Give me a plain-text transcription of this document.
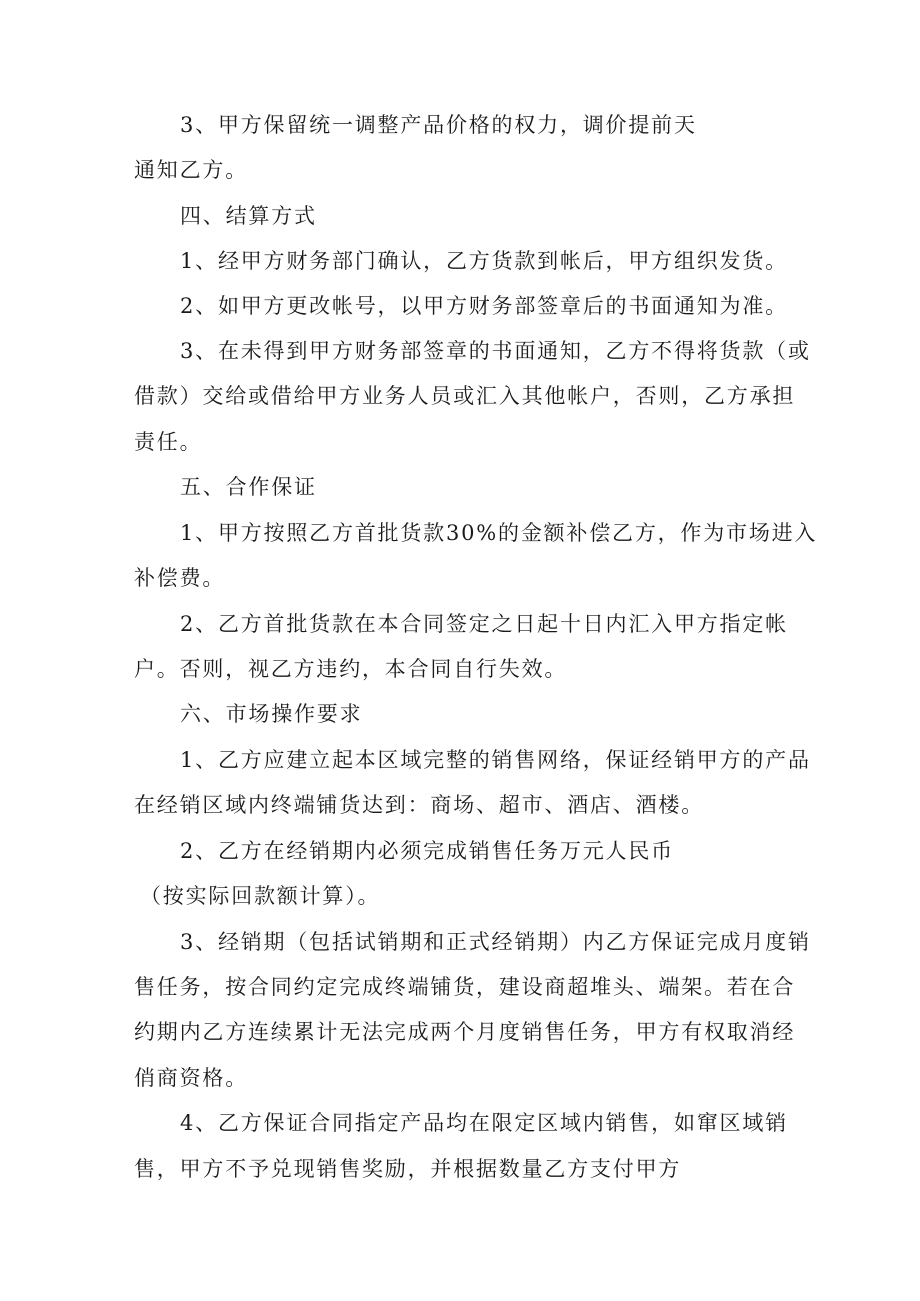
3、甲方保留统一调整产品价格的权力，调价提前天
通知乙方。
四、结算方式
1、经甲方财务部门确认，乙方货款到帐后，甲方组织发货。
2、如甲方更改帐号，以甲方财务部签章后的书面通知为准。
3、在未得到甲方财务部签章的书面通知，乙方不得将货款（或
借款）交给或借给甲方业务人员或汇入其他帐户，否则，乙方承担
责任。
五、合作保证
1、甲方按照乙方首批货款30%的金额补偿乙方，作为市场进入
补偿费。
2、乙方首批货款在本合同签定之日起十日内汇入甲方指定帐
户。否则，视乙方违约，本合同自行失效。
六、市场操作要求
1、乙方应建立起本区域完整的销售网络，保证经销甲方的产品
在经销区域内终端铺货达到：商场、超市、酒店、酒楼。
2、乙方在经销期内必须完成销售任务万元人民币
（按实际回款额计算）。
3、经销期（包括试销期和正式经销期）内乙方保证完成月度销
售任务，按合同约定完成终端铺货，建设商超堆头、端架。若在合
约期内乙方连续累计无法完成两个月度销售任务，甲方有权取消经
俏商资格。
4、乙方保证合同指定产品均在限定区域内销售，如窜区域销
售，甲方不予兑现销售奖励，并根据数量乙方支付甲方
